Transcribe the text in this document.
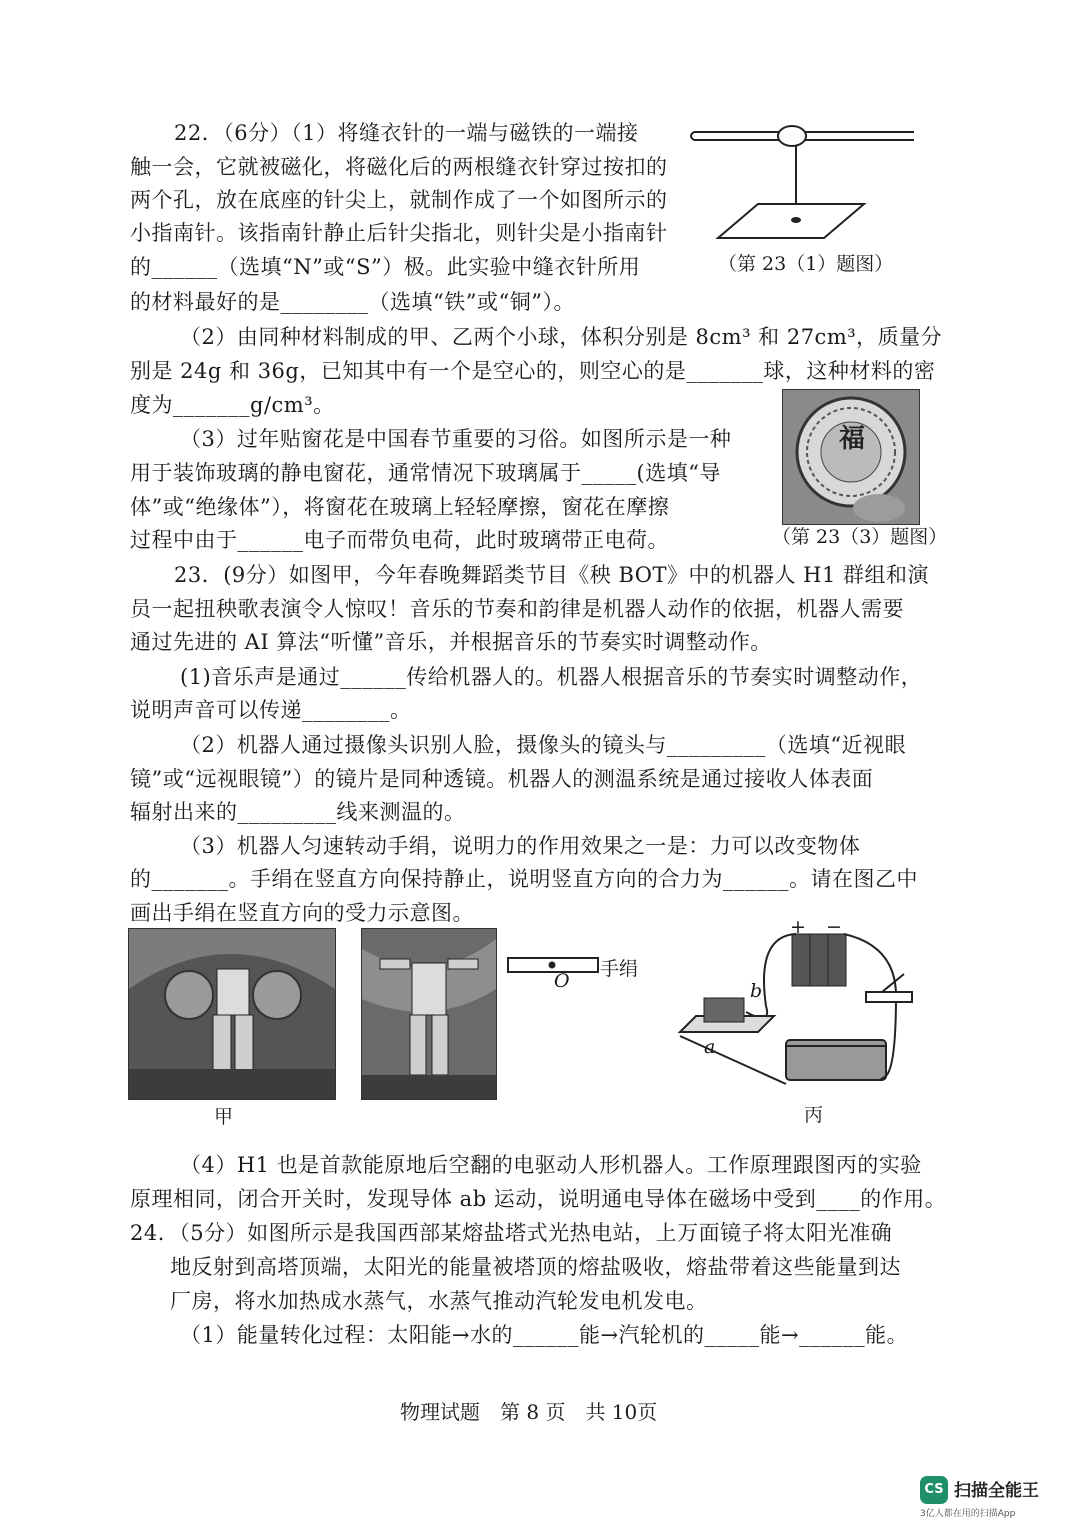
22．（6分）（1）将缝衣针的一端与磁铁的一端接
触一会，它就被磁化，将磁化后的两根缝衣针穿过按扣的
两个孔，放在底座的针尖上，就制作成了一个如图所示的
小指南针。该指南针静止后针尖指北，则针尖是小指南针
的______（选填“N”或“S”）极。此实验中缝衣针所用
的材料最好的是________（选填“铁”或“铜”）。
（第 23（1）题图）
（2）由同种材料制成的甲、乙两个小球，体积分别是 8cm³ 和 27cm³，质量分
别是 24g 和 36g，已知其中有一个是空心的，则空心的是_______球，这种材料的密
度为_______g/cm³。
福
（第 23（3）题图）
（3）过年贴窗花是中国春节重要的习俗。如图所示是一种
用于装饰玻璃的静电窗花，通常情况下玻璃属于_____(选填“导
体”或“绝缘体”），将窗花在玻璃上轻轻摩擦，窗花在摩擦
过程中由于______电子而带负电荷，此时玻璃带正电荷。
23．(9分）如图甲，今年春晚舞蹈类节目《秧 BOT》中的机器人 H1 群组和演
员一起扭秧歌表演令人惊叹！音乐的节奏和韵律是机器人动作的依据，机器人需要
通过先进的 AI 算法“听懂”音乐，并根据音乐的节奏实时调整动作。
(1)音乐声是通过______传给机器人的。机器人根据音乐的节奏实时调整动作，
说明声音可以传递________。
（2）机器人通过摄像头识别人脸，摄像头的镜头与_________（选填“近视眼
镜”或“远视眼镜”）的镜片是同种透镜。机器人的测温系统是通过接收人体表面
辐射出来的_________线来测温的。
（3）机器人匀速转动手绢，说明力的作用效果之一是：力可以改变物体
的_______。手绢在竖直方向保持静止，说明竖直方向的合力为______。请在图乙中
画出手绢在竖直方向的受力示意图。
甲
O
手绢
+ −
b
a
丙
（4）H1 也是首款能原地后空翻的电驱动人形机器人。工作原理跟图丙的实验
原理相同，闭合开关时，发现导体 ab 运动，说明通电导体在磁场中受到____的作用。
24．（5分）如图所示是我国西部某熔盐塔式光热电站，上万面镜子将太阳光准确
地反射到高塔顶端，太阳光的能量被塔顶的熔盐吸收，熔盐带着这些能量到达
厂房，将水加热成水蒸气，水蒸气推动汽轮发电机发电。
（1）能量转化过程：太阳能→水的______能→汽轮机的_____能→______能。
物理试题　第 8 页　共 10页
CS 扫描全能王
3亿人都在用的扫描App
